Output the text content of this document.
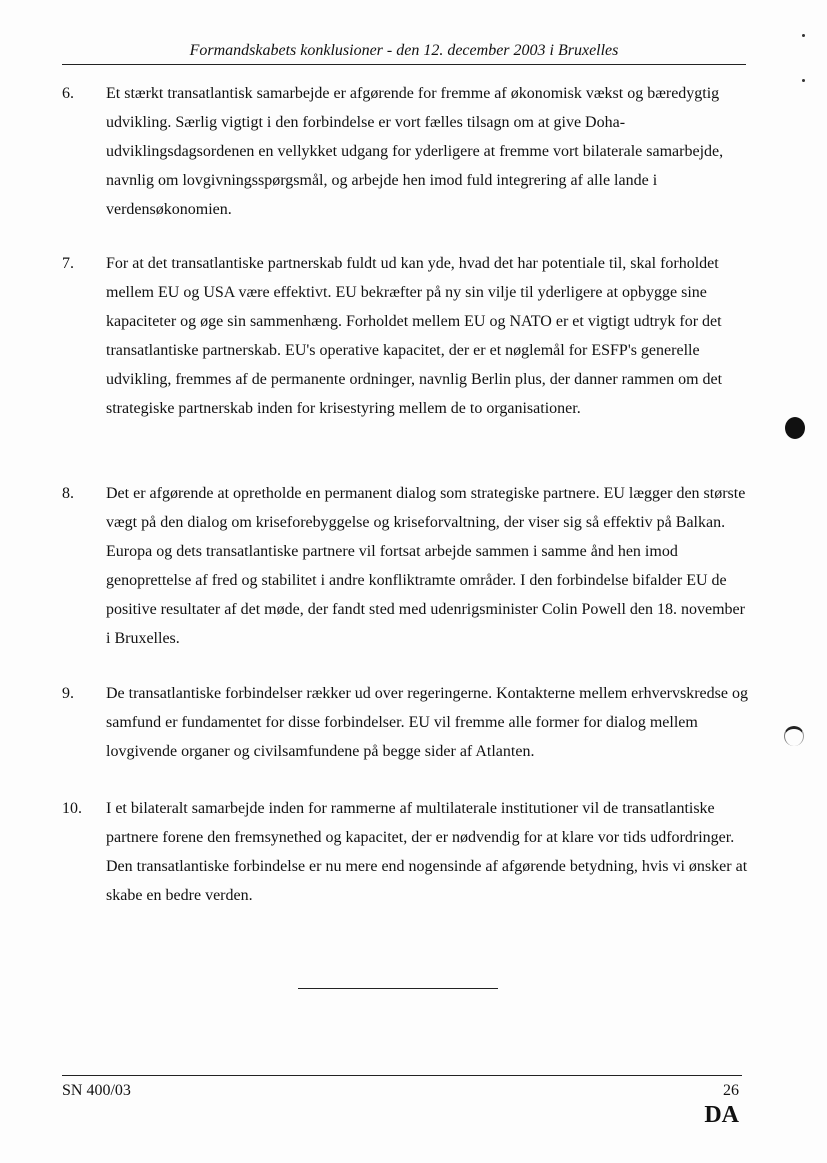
Formandskabets konklusioner - den 12. december 2003 i Bruxelles
6. Et stærkt transatlantisk samarbejde er afgørende for fremme af økonomisk vækst og bæredygtig udvikling. Særlig vigtigt i den forbindelse er vort fælles tilsagn om at give Doha-udviklingsdagsordenen en vellykket udgang for yderligere at fremme vort bilaterale samarbejde, navnlig om lovgivningsspørgsmål, og arbejde hen imod fuld integrering af alle lande i verdensøkonomien.
7. For at det transatlantiske partnerskab fuldt ud kan yde, hvad det har potentiale til, skal forholdet mellem EU og USA være effektivt. EU bekræfter på ny sin vilje til yderligere at opbygge sine kapaciteter og øge sin sammenhæng. Forholdet mellem EU og NATO er et vigtigt udtryk for det transatlantiske partnerskab. EU's operative kapacitet, der er et nøglemål for ESFP's generelle udvikling, fremmes af de permanente ordninger, navnlig Berlin plus, der danner rammen om det strategiske partnerskab inden for krisestyring mellem de to organisationer.
8. Det er afgørende at opretholde en permanent dialog som strategiske partnere. EU lægger den største vægt på den dialog om kriseforebyggelse og kriseforvaltning, der viser sig så effektiv på Balkan. Europa og dets transatlantiske partnere vil fortsat arbejde sammen i samme ånd hen imod genoprettelse af fred og stabilitet i andre konfliktramte områder. I den forbindelse bifalder EU de positive resultater af det møde, der fandt sted med udenrigsminister Colin Powell den 18. november i Bruxelles.
9. De transatlantiske forbindelser rækker ud over regeringerne. Kontakterne mellem erhvervskredse og samfund er fundamentet for disse forbindelser. EU vil fremme alle former for dialog mellem lovgivende organer og civilsamfundene på begge sider af Atlanten.
10. I et bilateralt samarbejde inden for rammerne af multilaterale institutioner vil de transatlantiske partnere forene den fremsynethed og kapacitet, der er nødvendig for at klare vor tids udfordringer. Den transatlantiske forbindelse er nu mere end nogensinde af afgørende betydning, hvis vi ønsker at skabe en bedre verden.
SN 400/03	26
DA
